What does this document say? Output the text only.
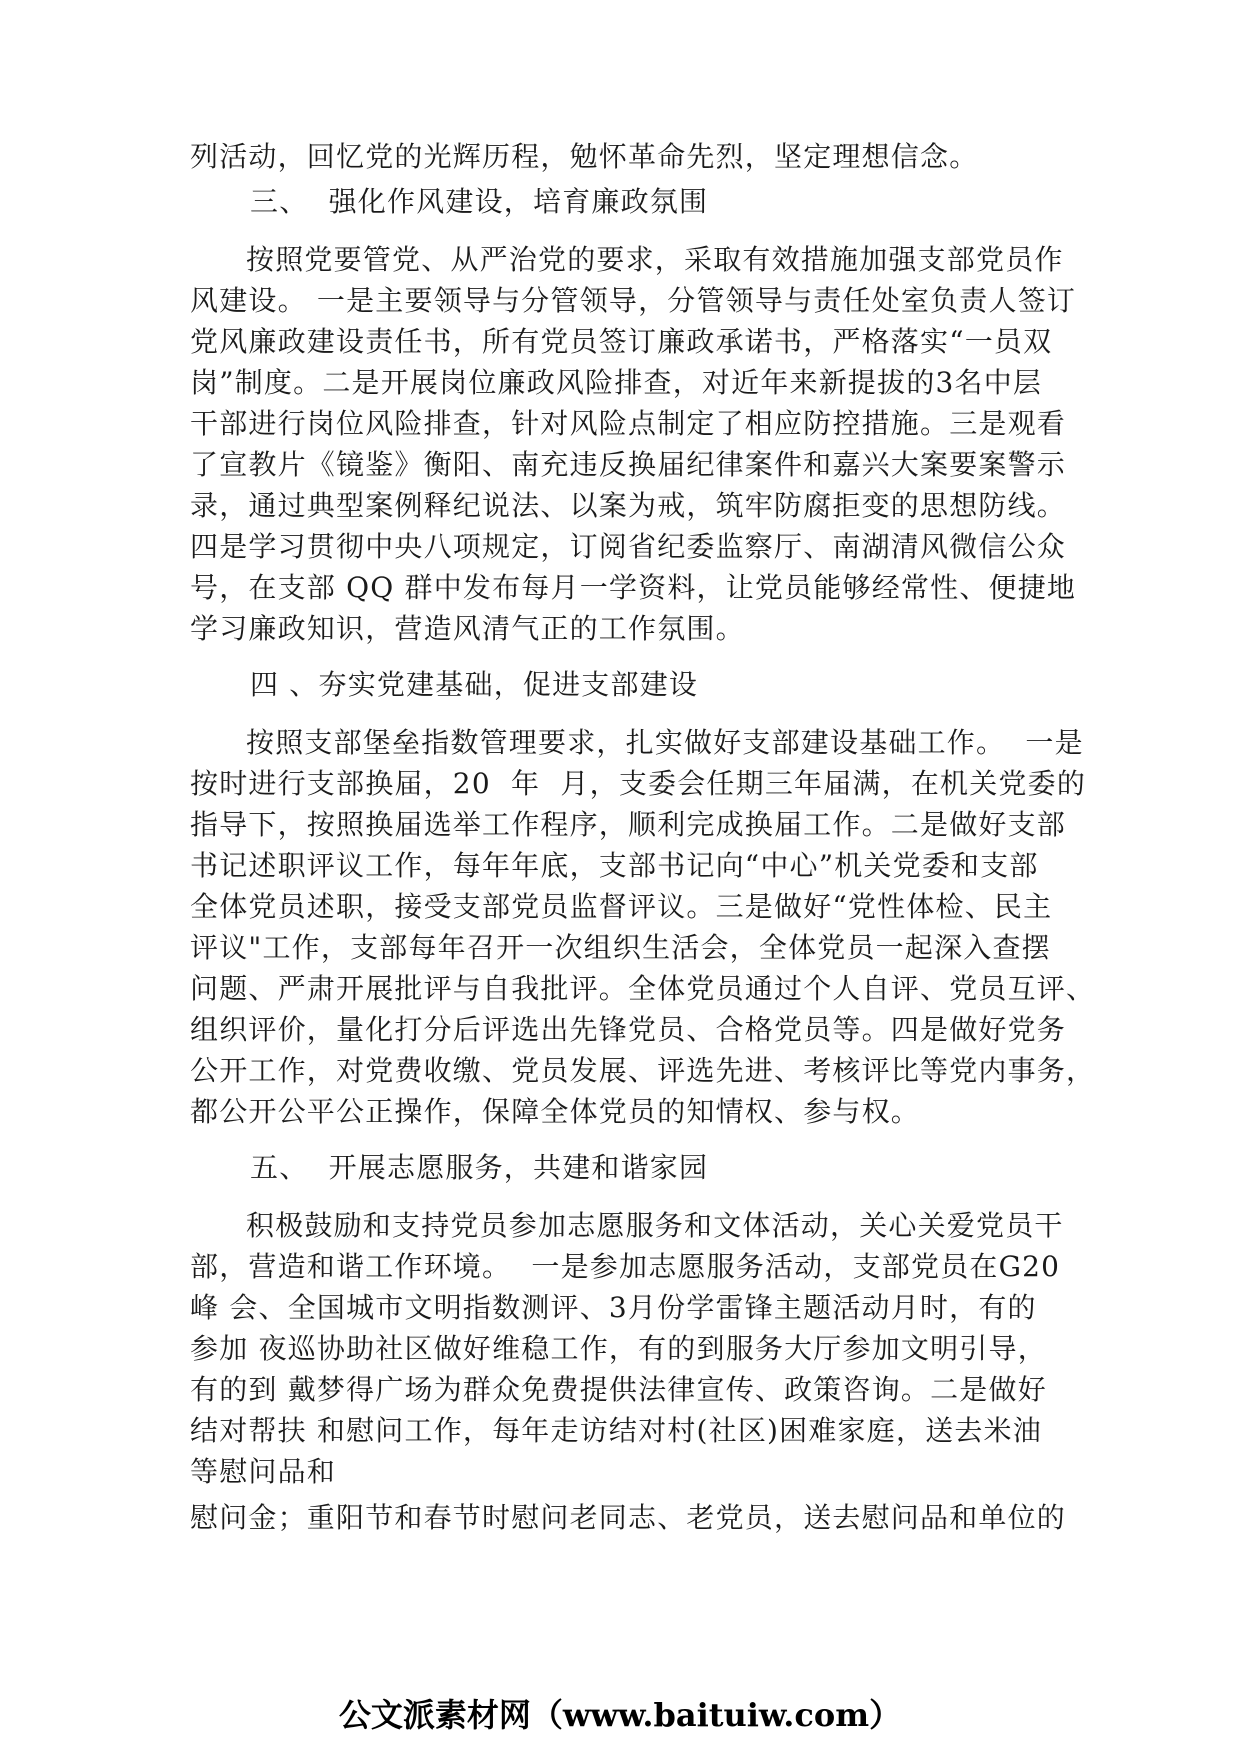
列活动，回忆党的光辉历程，勉怀革命先烈，坚定理想信念。
三、  强化作风建设，培育廉政氛围
按照党要管党、从严治党的要求，采取有效措施加强支部党员作
风建设。 一是主要领导与分管领导，分管领导与责任处室负责人签订
党风廉政建设责任书，所有党员签订廉政承诺书，严格落实“一员双
岗”制度。二是开展岗位廉政风险排查，对近年来新提拔的3名中层
干部进行岗位风险排查，针对风险点制定了相应防控措施。三是观看
了宣教片《镜鉴》衡阳、南充违反换届纪律案件和嘉兴大案要案警示
录，通过典型案例释纪说法、以案为戒，筑牢防腐拒变的思想防线。
四是学习贯彻中央八项规定，订阅省纪委监察厅、南湖清风微信公众
号，在支部 QQ 群中发布每月一学资料，让党员能够经常性、便捷地
学习廉政知识，营造风清气正的工作氛围。
四 、夯实党建基础，促进支部建设
按照支部堡垒指数管理要求，扎实做好支部建设基础工作。  一是
按时进行支部换届，20  年  月，支委会任期三年届满，在机关党委的
指导下，按照换届选举工作程序，顺利完成换届工作。二是做好支部
书记述职评议工作，每年年底，支部书记向“中心”机关党委和支部
全体党员述职，接受支部党员监督评议。三是做好“党性体检、民主
评议"工作，支部每年召开一次组织生活会，全体党员一起深入查摆
问题、严肃开展批评与自我批评。全体党员通过个人自评、党员互评、
组织评价，量化打分后评选出先锋党员、合格党员等。四是做好党务
公开工作，对党费收缴、党员发展、评选先进、考核评比等党内事务，
都公开公平公正操作，保障全体党员的知情权、参与权。
五、  开展志愿服务，共建和谐家园
积极鼓励和支持党员参加志愿服务和文体活动，关心关爱党员干
部，营造和谐工作环境。  一是参加志愿服务活动，支部党员在G20
峰 会、全国城市文明指数测评、3月份学雷锋主题活动月时，有的
参加 夜巡协助社区做好维稳工作，有的到服务大厅参加文明引导，
有的到 戴梦得广场为群众免费提供法律宣传、政策咨询。二是做好
结对帮扶 和慰问工作，每年走访结对村(社区)困难家庭，送去米油
等慰问品和
慰问金；重阳节和春节时慰问老同志、老党员，送去慰问品和单位的
公文派素材网（www.baituiw.com）
